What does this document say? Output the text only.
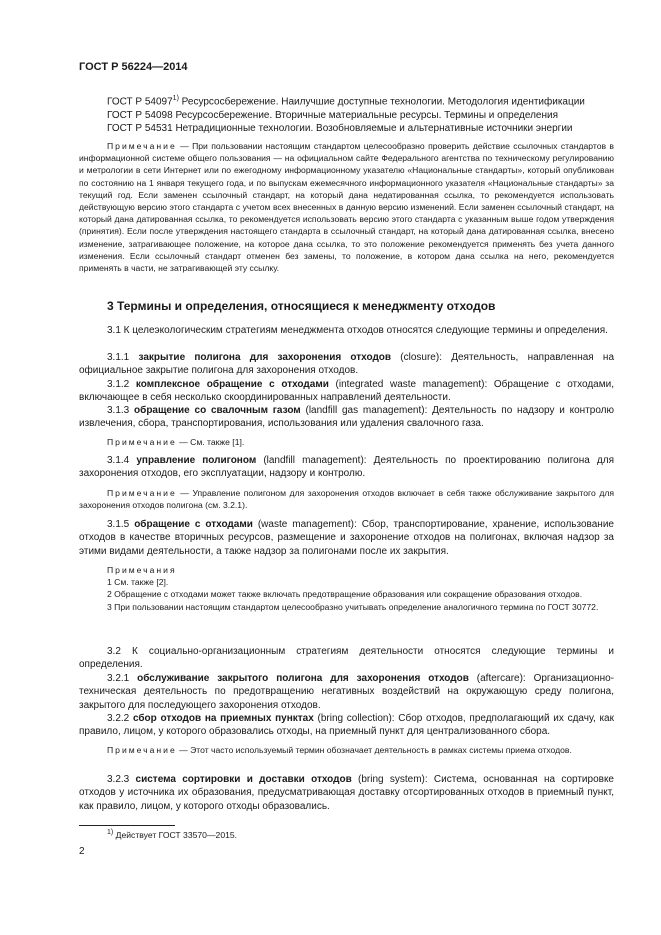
ГОСТ Р 56224—2014
ГОСТ Р 54097$^{1)}$ Ресурсосбережение. Наилучшие доступные технологии. Методология идентификации
ГОСТ Р 54098 Ресурсосбережение. Вторичные материальные ресурсы. Термины и определения
ГОСТ Р 54531 Нетрадиционные технологии. Возобновляемые и альтернативные источники энергии
Примечание — При пользовании настоящим стандартом целесообразно проверить действие ссылочных стандартов в информационной системе общего пользования — на официальном сайте Федерального агентства по техническому регулированию и метрологии в сети Интернет или по ежегодному информационному указателю «Национальные стандарты», который опубликован по состоянию на 1 января текущего года, и по выпускам ежемесячного информационного указателя «Национальные стандарты» за текущий год. Если заменен ссылочный стандарт, на который дана недатированная ссылка, то рекомендуется использовать действующую версию этого стандарта с учетом всех внесенных в данную версию изменений. Если заменен ссылочный стандарт, на который дана датированная ссылка, то рекомендуется использовать версию этого стандарта с указанным выше годом утверждения (принятия). Если после утверждения настоящего стандарта в ссылочный стандарт, на который дана датированная ссылка, внесено изменение, затрагивающее положение, на которое дана ссылка, то это положение рекомендуется применять без учета данного изменения. Если ссылочный стандарт отменен без замены, то положение, в котором дана ссылка на него, рекомендуется применять в части, не затрагивающей эту ссылку.
3 Термины и определения, относящиеся к менеджменту отходов
3.1 К целеэкологическим стратегиям менеджмента отходов относятся следующие термины и определения.
3.1.1 закрытие полигона для захоронения отходов (closure): Деятельность, направленная на официальное закрытие полигона для захоронения отходов.
3.1.2 комплексное обращение с отходами (integrated waste management): Обращение с отходами, включающее в себя несколько скоординированных направлений деятельности.
3.1.3 обращение со свалочным газом (landfill gas management): Деятельность по надзору и контролю извлечения, сбора, транспортирования, использования или удаления свалочного газа.
Примечание — См. также [1].
3.1.4 управление полигоном (landfill management): Деятельность по проектированию полигона для захоронения отходов, его эксплуатации, надзору и контролю.
Примечание — Управление полигоном для захоронения отходов включает в себя также обслуживание закрытого для захоронения отходов полигона (см. 3.2.1).
3.1.5 обращение с отходами (waste management): Сбор, транспортирование, хранение, использование отходов в качестве вторичных ресурсов, размещение и захоронение отходов на полигонах, включая надзор за этими видами деятельности, а также надзор за полигонами после их закрытия.
Примечания
1 См. также [2].
2 Обращение с отходами может также включать предотвращение образования или сокращение образования отходов.
3 При пользовании настоящим стандартом целесообразно учитывать определение аналогичного термина по ГОСТ 30772.
3.2 К социально-организационным стратегиям деятельности относятся следующие термины и определения.
3.2.1 обслуживание закрытого полигона для захоронения отходов (aftercare): Организационно-техническая деятельность по предотвращению негативных воздействий на окружающую среду полигона, закрытого для последующего захоронения отходов.
3.2.2 сбор отходов на приемных пунктах (bring collection): Сбор отходов, предполагающий их сдачу, как правило, лицом, у которого образовались отходы, на приемный пункт для централизованного сбора.
Примечание — Этот часто используемый термин обозначает деятельность в рамках системы приема отходов.
3.2.3 система сортировки и доставки отходов (bring system): Система, основанная на сортировке отходов у источника их образования, предусматривающая доставку отсортированных отходов в приемный пункт, как правило, лицом, у которого отходы образовались.
$^{1)}$ Действует ГОСТ 33570—2015.
2
